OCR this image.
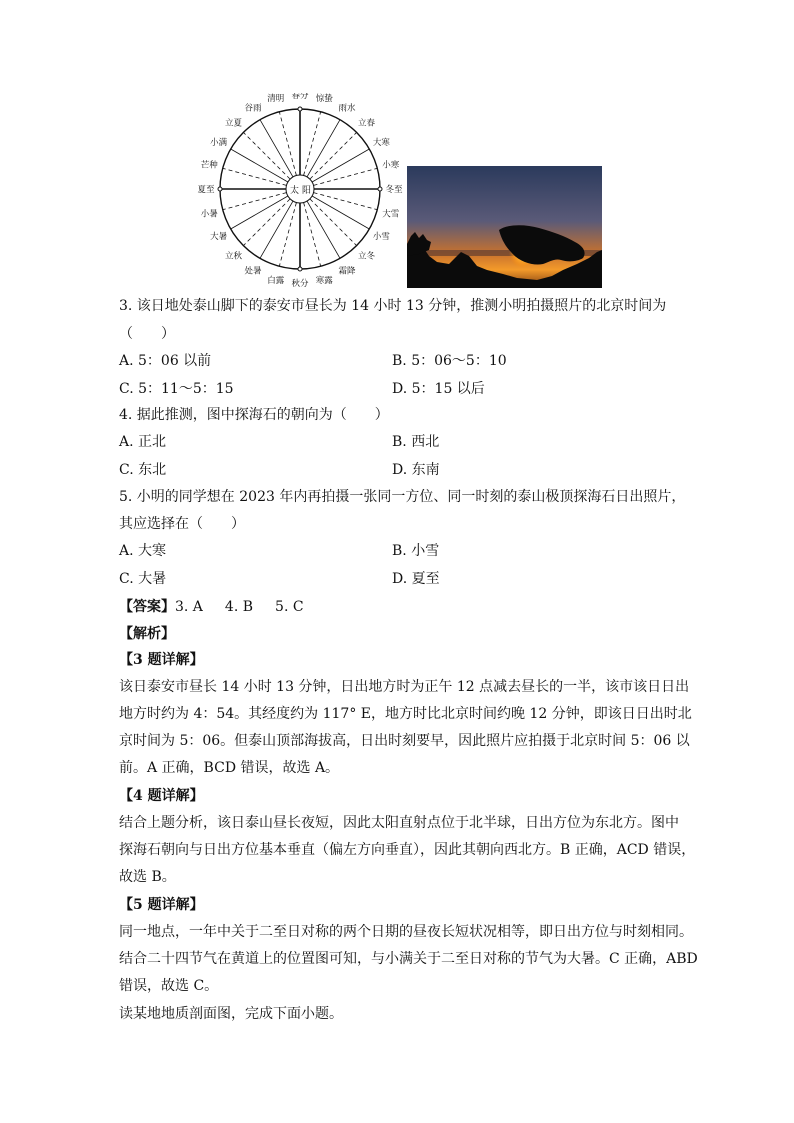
春分 惊蛰
雨水
立春
大寒
小寒
冬至
大雪
小雪
立冬
霜降
寒露
秋分
白露
处暑
立秋
大暑
小暑
夏至
芒种
小满
立夏
谷雨
清明
太 阳
3. 该日地处泰山脚下的泰安市昼长为 14 小时 13 分钟，推测小明拍摄照片的北京时间为
（　　）
A. 5：06 以前	B. 5：06～5：10
C. 5：11～5：15	D. 5：15 以后
4. 据此推测，图中探海石的朝向为（　　）
A. 正北	B. 西北
C. 东北	D. 东南
5. 小明的同学想在 2023 年内再拍摄一张同一方位、同一时刻的泰山极顶探海石日出照片，
其应选择在（　　）
A. 大寒	B. 小雪
C. 大暑	D. 夏至
【答案】3. A 4. B 5. C
【解析】
【3 题详解】
该日泰安市昼长 14 小时 13 分钟，日出地方时为正午 12 点减去昼长的一半，该市该日日出
地方时约为 4：54。其经度约为 117° E，地方时比北京时间约晚 12 分钟，即该日日出时北
京时间为 5：06。但泰山顶部海拔高，日出时刻要早，因此照片应拍摄于北京时间 5：06 以
前。A 正确，BCD 错误，故选 A。
【4 题详解】
结合上题分析，该日泰山昼长夜短，因此太阳直射点位于北半球，日出方位为东北方。图中
探海石朝向与日出方位基本垂直（偏左方向垂直），因此其朝向西北方。B 正确，ACD 错误，
故选 B。
【5 题详解】
同一地点，一年中关于二至日对称的两个日期的昼夜长短状况相等，即日出方位与时刻相同。
结合二十四节气在黄道上的位置图可知，与小满关于二至日对称的节气为大暑。C 正确，ABD
错误，故选 C。
读某地地质剖面图，完成下面小题。
